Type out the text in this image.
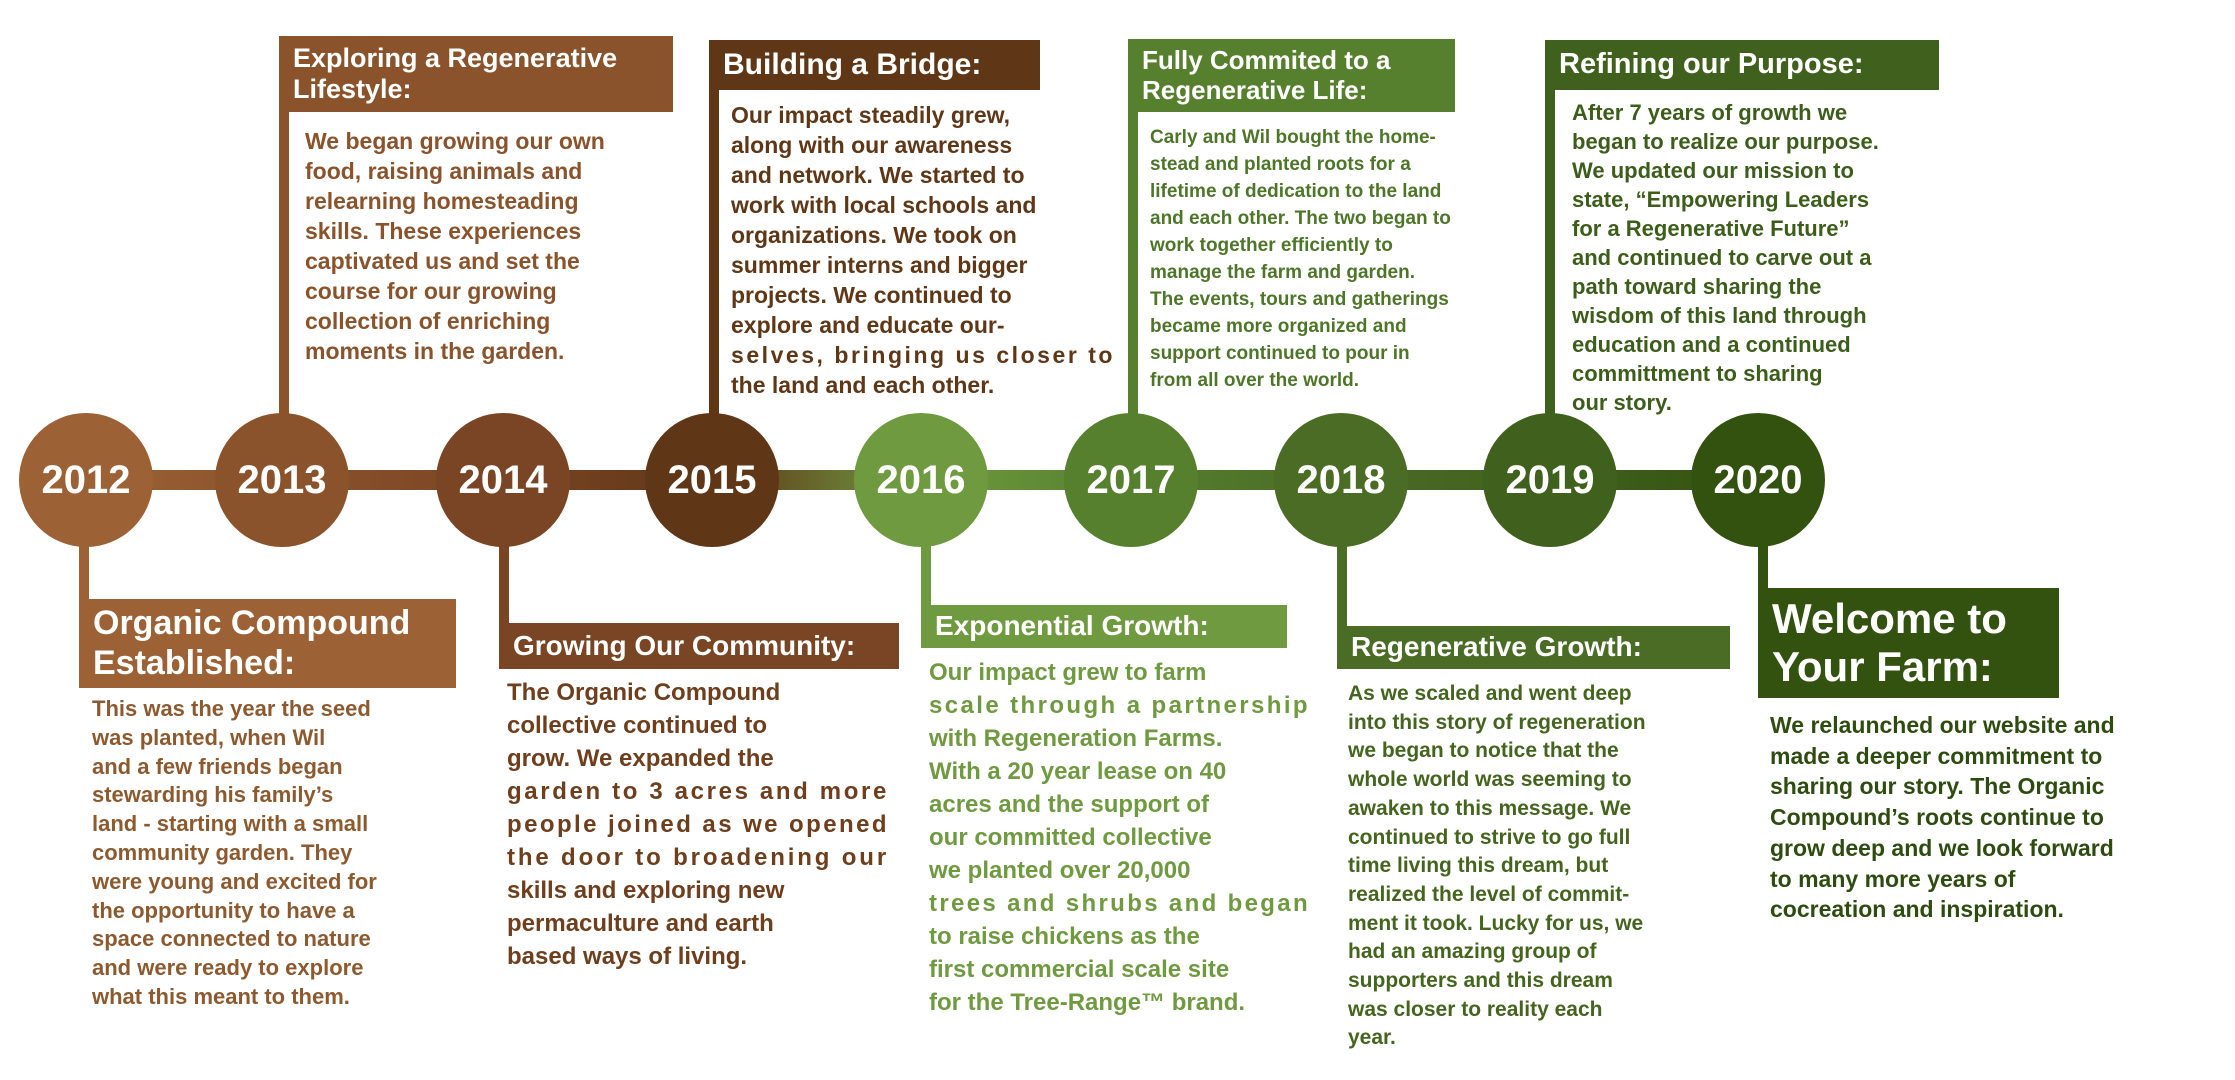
2012
Organic Compound
Established:
This was the year the seed
was planted, when Wil
and a few friends began
stewarding his family’s
land - starting with a small
community garden. They
were young and excited for
the opportunity to have a
space connected to nature
and were ready to explore
what this meant to them.
2013
Exploring a Regenerative
Lifestyle:
We began growing our own
food, raising animals and
relearning homesteading
skills. These experiences
captivated us and set the
course for our growing
collection of enriching
moments in the garden.
2014
Growing Our Community:
The Organic Compound
collective continued to
grow. We expanded the
garden to 3 acres and more
people joined as we opened
the door to broadening our
skills and exploring new
permaculture and earth
based ways of living.
2015
Building a Bridge:
Our impact steadily grew,
along with our awareness
and network. We started to
work with local schools and
organizations. We took on
summer interns and bigger
projects. We continued to
explore and educate our-
selves, bringing us closer to
the land and each other.
2016
Exponential Growth:
Our impact grew to farm
scale through a partnership
with Regeneration Farms.
With a 20 year lease on 40
acres and the support of
our committed collective
we planted over 20,000
trees and shrubs and began
to raise chickens as the
first commercial scale site
for the Tree-Range™ brand.
2017
Fully Commited to a
Regenerative Life:
Carly and Wil bought the home-
stead and planted roots for a
lifetime of dedication to the land
and each other. The two began to
work together efficiently to
manage the farm and garden.
The events, tours and gatherings
became more organized and
support continued to pour in
from all over the world.
2018
Regenerative Growth:
As we scaled and went deep
into this story of regeneration
we began to notice that the
whole world was seeming to
awaken to this message. We
continued to strive to go full
time living this dream, but
realized the level of commit-
ment it took. Lucky for us, we
had an amazing group of
supporters and this dream
was closer to reality each
year.
2019
Refining our Purpose:
After 7 years of growth we
began to realize our purpose.
We updated our mission to
state, “Empowering Leaders
for a Regenerative Future”
and continued to carve out a
path toward sharing the
wisdom of this land through
education and a continued
committment to sharing
our story.
2020
Welcome to
Your Farm:
We relaunched our website and
made a deeper commitment to
sharing our story. The Organic
Compound’s roots continue to
grow deep and we look forward
to many more years of
cocreation and inspiration.
